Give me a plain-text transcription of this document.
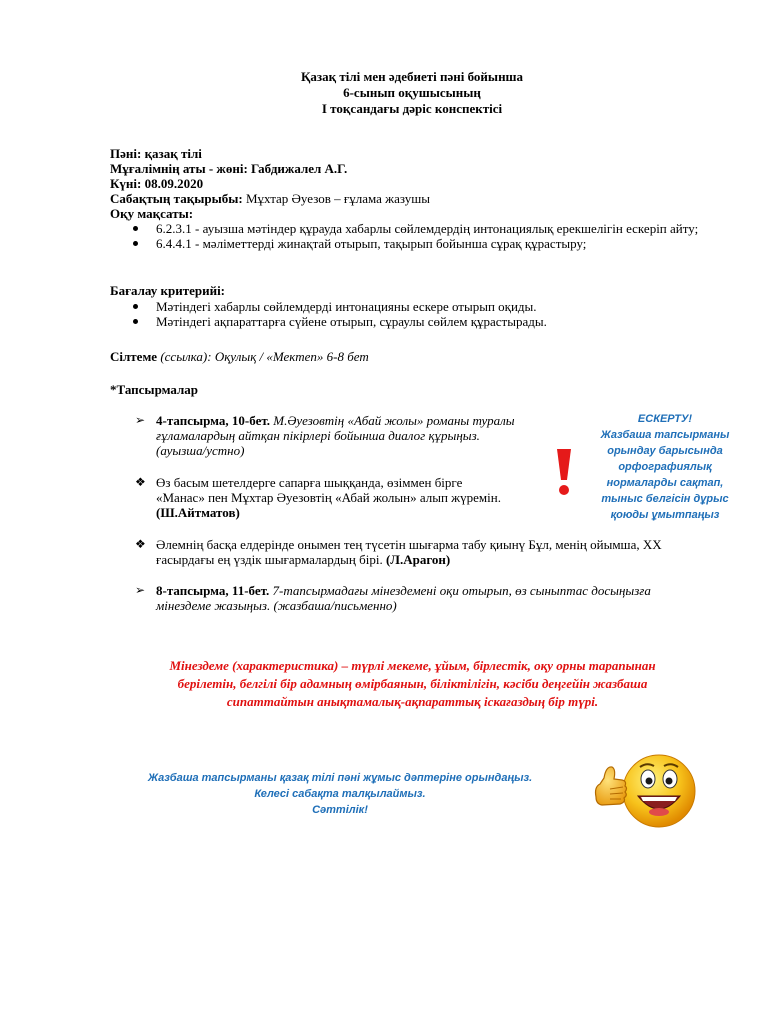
Қазақ тілі мен әдебиеті пәні бойынша
6-сынып оқушысының
І тоқсандағы дәріс конспектісі
Пәні: қазақ тілі
Мұғалімнің аты - жөні: Габдижалел А.Г.
Күні: 08.09.2020
Сабақтың тақырыбы: Мұхтар Әуезов – ғұлама жазушы
Оқу мақсаты:
6.2.3.1 - ауызша мәтіндер құрауда хабарлы сөйлемдердің интонациялық ерекшелігін ескеріп айту;
6.4.4.1 - мәліметтерді жинақтай отырып, тақырып бойынша сұрақ құрастыру;
Бағалау критерийі:
Мәтіндегі хабарлы сөйлемдерді интонацияны ескере отырып оқиды.
Мәтіндегі ақпараттарға сүйене отырып, сұраулы сөйлем құрастырады.
Сілтеме (ссылка): Оқулық / «Мектеп» 6-8 бет
*Тапсырмалар
➢ 4-тапсырма, 10-бет. М.Әуезовтің «Абай жолы» романы туралы
ғұламалардың айтқан пікірлері бойынша диалог құрыңыз.
(ауызша/устно)
❖ Өз басым шетелдерге сапарға шыққанда, өзіммен бірге
«Манас» пен Мұхтар Әуезовтің «Абай жолын» алып жүремін.
(Ш.Айтматов)
❖ Әлемнің басқа елдерінде онымен тең түсетін шығарма табу қиынү Бұл, менің ойымша, ХХ
ғасырдағы ең үздік шығармалардың бірі. (Л.Арагон)
➢ 8-тапсырма, 11-бет. 7-тапсырмадағы мінездемені оқи отырып, өз сыныптас досыңызға
мінездеме жазыңыз. (жазбаша/письменно)
ЕСКЕРТУ!
Жазбаша тапсырманы
орындау барысында
орфографиялық
нормаларды сақтап,
тыныс белгісін дұрыс
қоюды ұмытпаңыз
Мінездеме (характеристика) – түрлі мекеме, ұйым, бірлестік, оқу орны тарапынан
берілетін, белгілі бір адамның өмірбаянын, біліктілігін, кәсіби деңгейін жазбаша
сипаттайтын анықтамалық-ақпараттық іскағаздың бір түрі.
Жазбаша тапсырманы қазақ тілі пәні жұмыс дәптеріне орындаңыз.
Келесі сабақта талқылаймыз.
Сәттілік!
